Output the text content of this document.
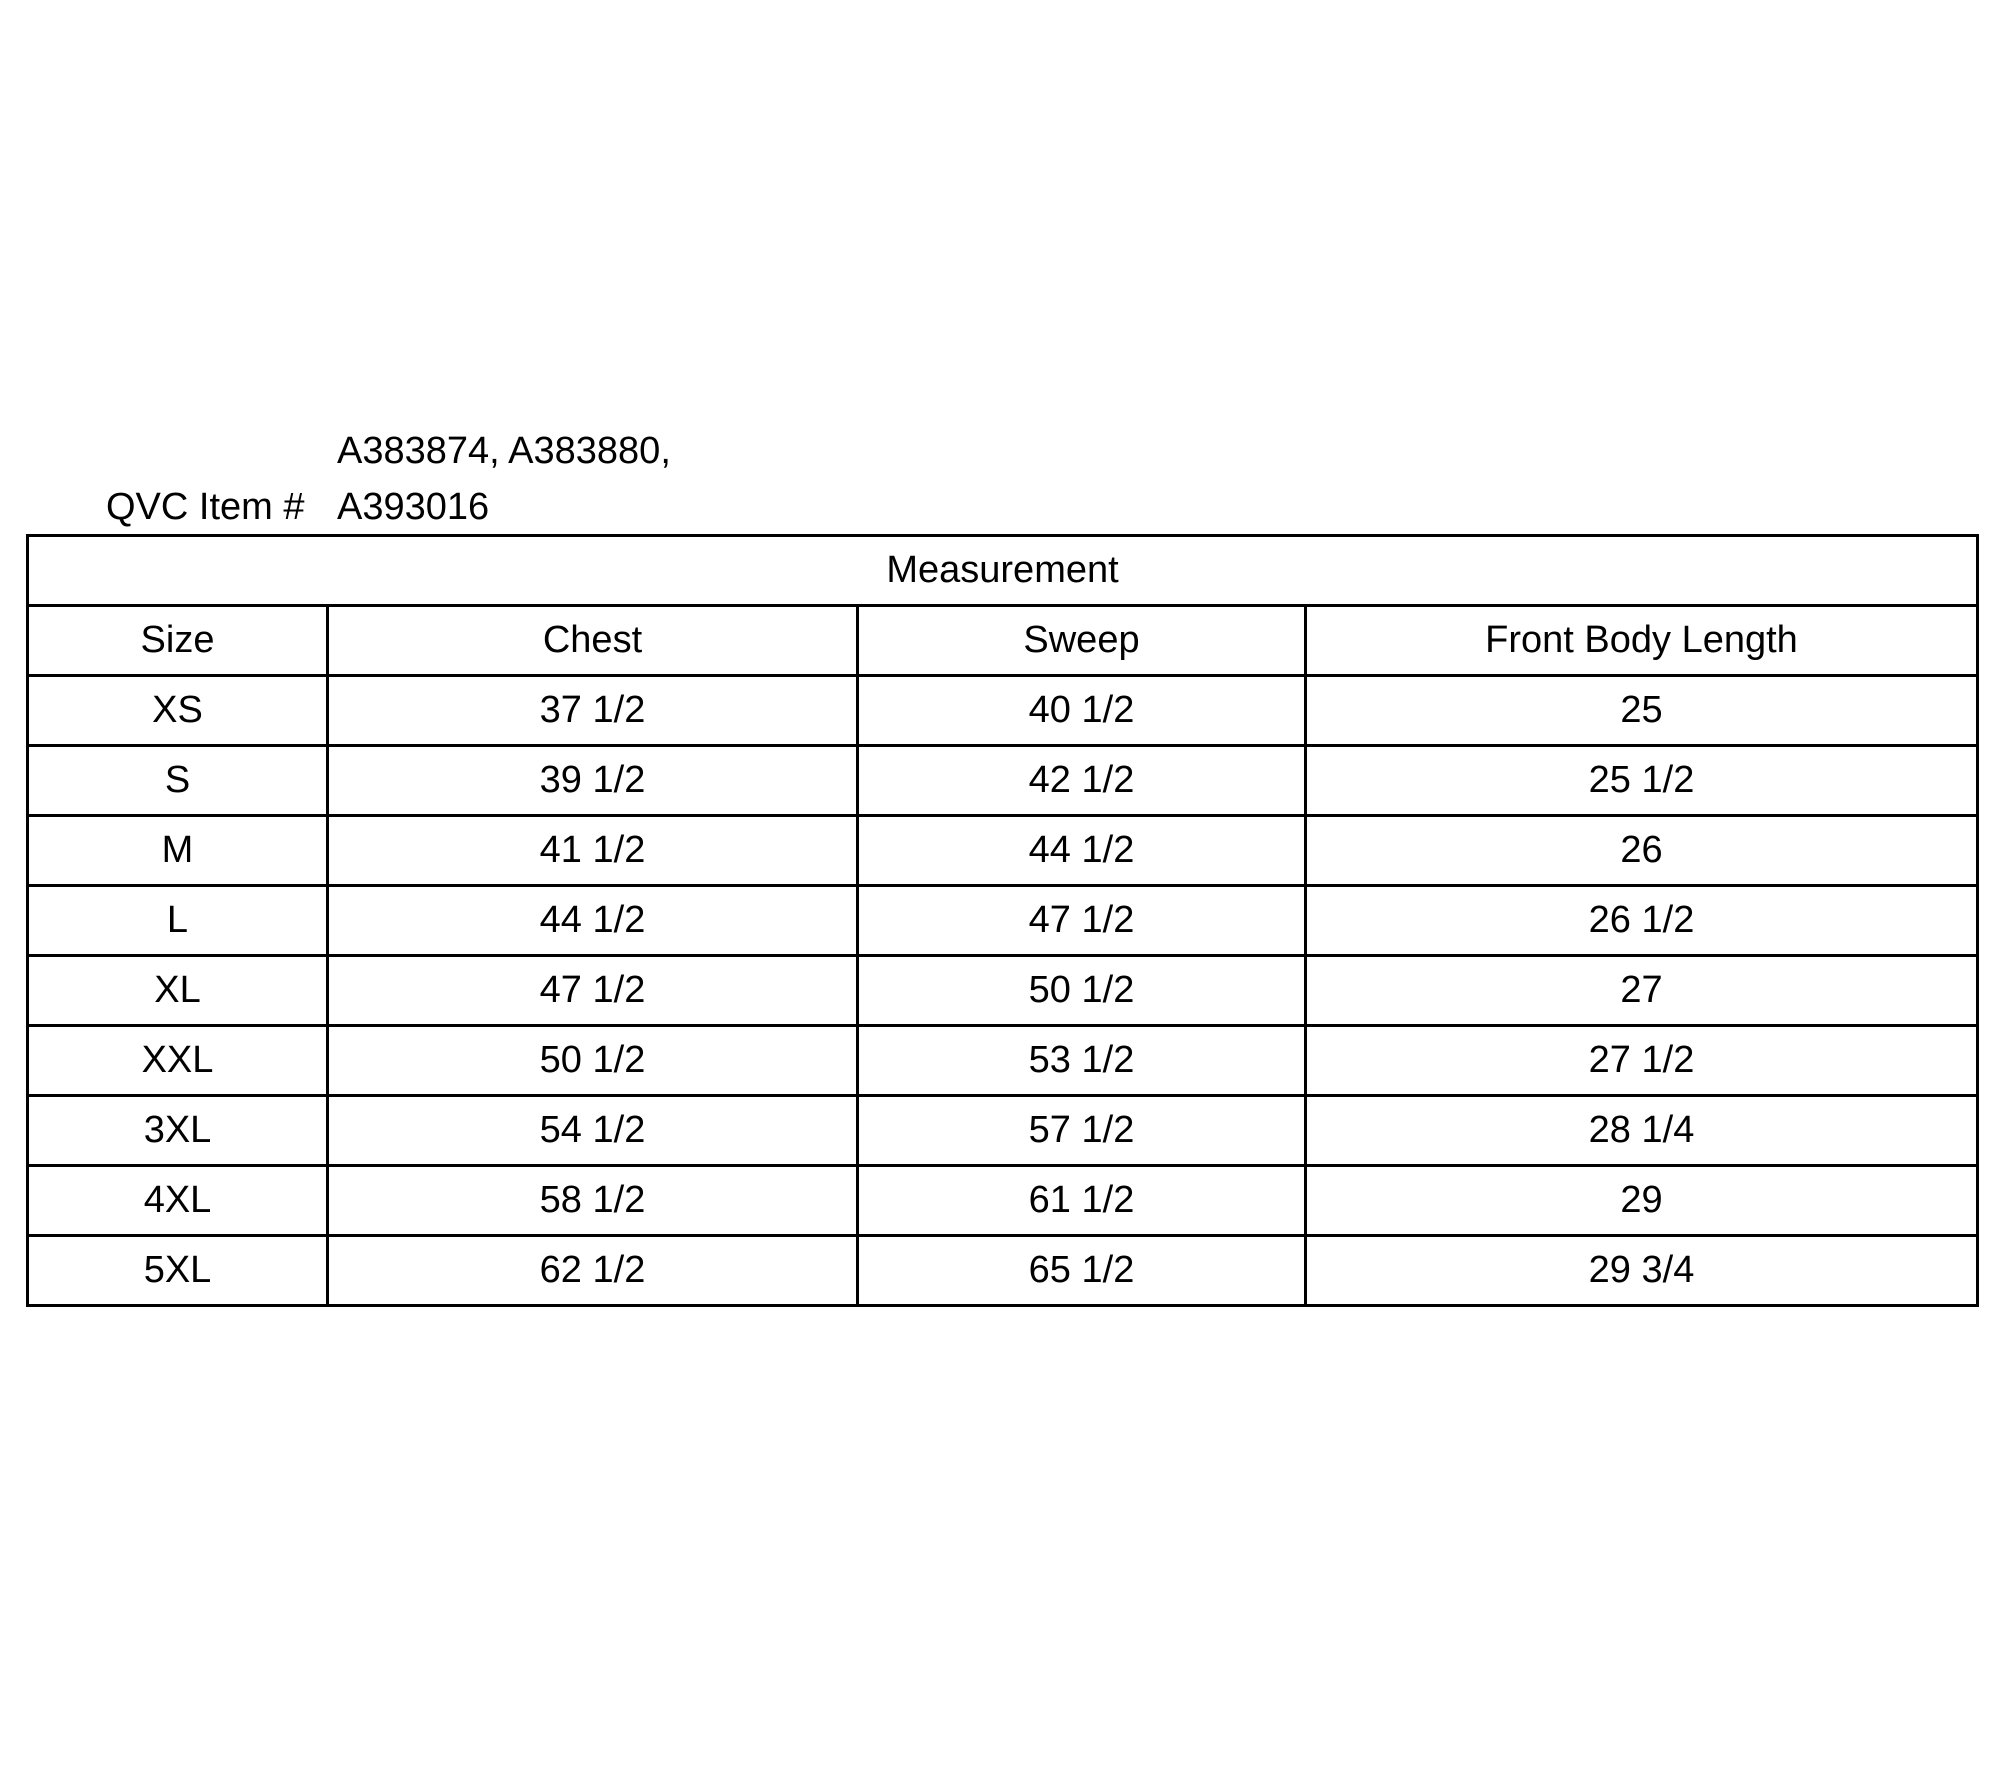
QVC Item #
A383874, A383880,
A393016
Measurement			
Size	Chest	Sweep	Front Body Length
XS	37 1/2	40 1/2	25
S	39 1/2	42 1/2	25 1/2
M	41 1/2	44 1/2	26
L	44 1/2	47 1/2	26 1/2
XL	47 1/2	50 1/2	27
XXL	50 1/2	53 1/2	27 1/2
3XL	54 1/2	57 1/2	28 1/4
4XL	58 1/2	61 1/2	29
5XL	62 1/2	65 1/2	29 3/4
